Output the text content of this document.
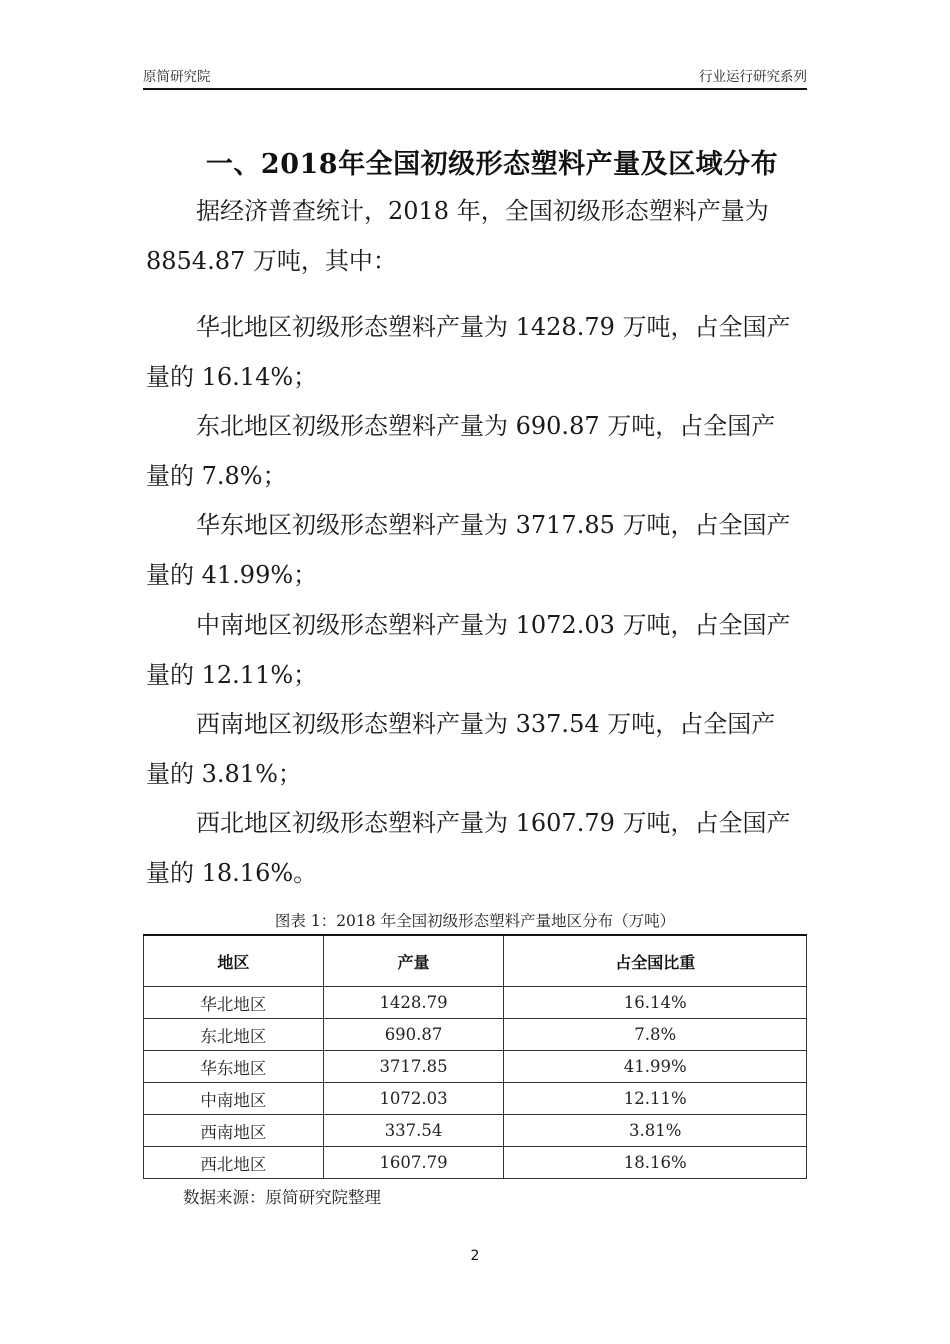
原简研究院	行业运行研究系列
一、2018年全国初级形态塑料产量及区域分布
据经济普查统计，2018 年，全国初级形态塑料产量为
8854.87 万吨，其中：
华北地区初级形态塑料产量为 1428.79 万吨，占全国产
量的 16.14%；
东北地区初级形态塑料产量为 690.87 万吨，占全国产
量的 7.8%；
华东地区初级形态塑料产量为 3717.85 万吨，占全国产
量的 41.99%；
中南地区初级形态塑料产量为 1072.03 万吨，占全国产
量的 12.11%；
西南地区初级形态塑料产量为 337.54 万吨，占全国产
量的 3.81%；
西北地区初级形态塑料产量为 1607.79 万吨，占全国产
量的 18.16%。
图表 1：2018 年全国初级形态塑料产量地区分布（万吨）
地区	产量	占全国比重
华北地区	1428.79	16.14%
东北地区	690.87	7.8%
华东地区	3717.85	41.99%
中南地区	1072.03	12.11%
西南地区	337.54	3.81%
西北地区	1607.79	18.16%
数据来源：原简研究院整理
2
